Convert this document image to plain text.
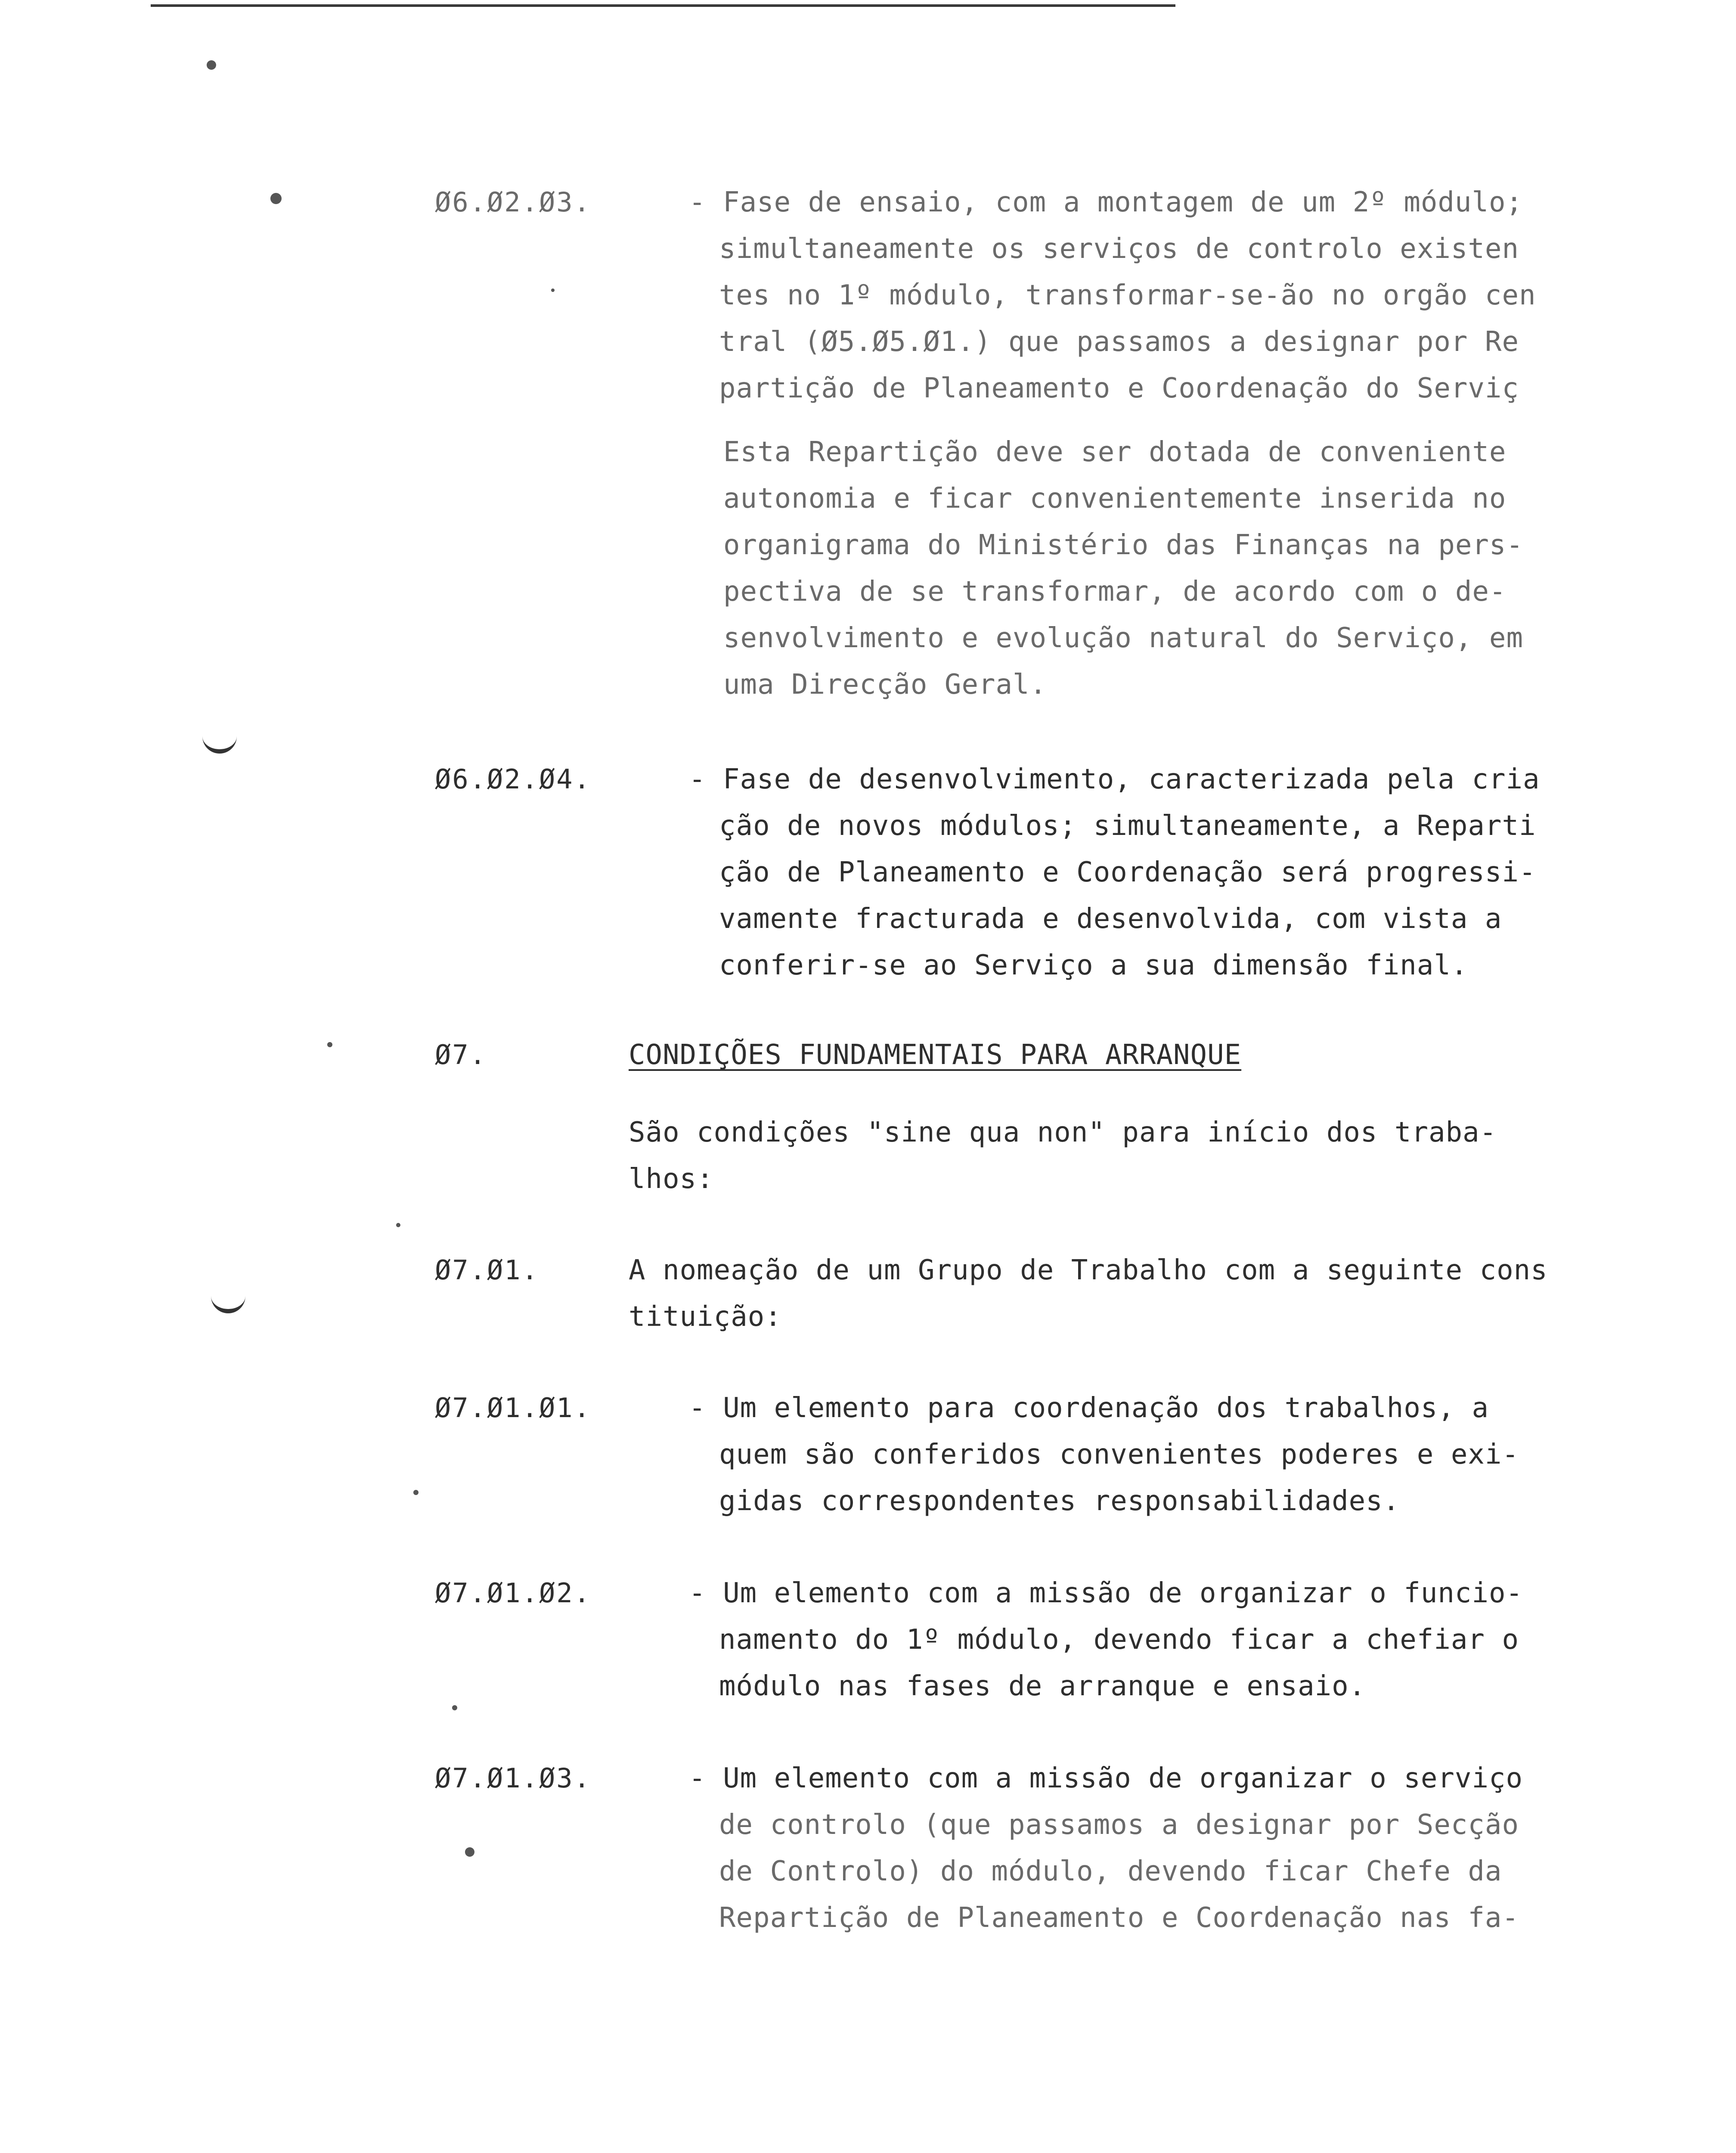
Ø6.Ø2.Ø3.	- Fase de ensaio, com a montagem de um 2º módulo;
simultaneamente os serviços de controlo existen
tes no 1º módulo, transformar-se-ão no orgão cen
tral (Ø5.Ø5.Ø1.) que passamos a designar por Re
partição de Planeamento e Coordenação do Serviç
Esta Repartição deve ser dotada de conveniente
autonomia e ficar convenientemente inserida no
organigrama do Ministério das Finanças na pers-
pectiva de se transformar, de acordo com o de-
senvolvimento e evolução natural do Serviço, em
uma Direcção Geral.
Ø6.Ø2.Ø4.	- Fase de desenvolvimento, caracterizada pela cria
ção de novos módulos; simultaneamente, a Reparti
ção de Planeamento e Coordenação será progressi-
vamente fracturada e desenvolvida, com vista a
conferir-se ao Serviço a sua dimensão final.
Ø7.	CONDIÇÕES FUNDAMENTAIS PARA ARRANQUE
São condições "sine qua non" para início dos traba-
lhos:
Ø7.Ø1.	A nomeação de um Grupo de Trabalho com a seguinte cons
tituição:
Ø7.Ø1.Ø1.	- Um elemento para coordenação dos trabalhos, a
quem são conferidos convenientes poderes e exi-
gidas correspondentes responsabilidades.
Ø7.Ø1.Ø2.	- Um elemento com a missão de organizar o funcio-
namento do 1º módulo, devendo ficar a chefiar o
módulo nas fases de arranque e ensaio.
Ø7.Ø1.Ø3.	- Um elemento com a missão de organizar o serviço
de controlo (que passamos a designar por Secção
de Controlo) do módulo, devendo ficar Chefe da
Repartição de Planeamento e Coordenação nas fa-
